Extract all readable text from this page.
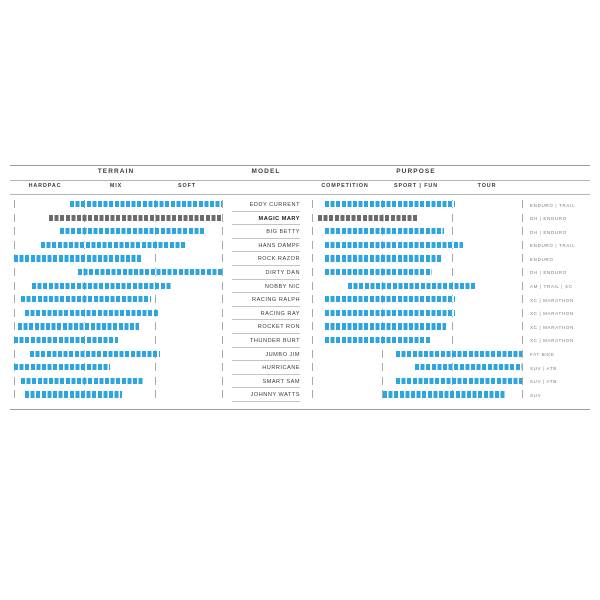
TERRAIN	MODEL	PURPOSE
HARDPAC	MIX	SOFT	COMPETITION	SPORT | FUN	TOUR
EDDY CURRENT	ENDURO | TRAIL
MAGIC MARY	DH | ENDURO
BIG BETTY	DH | ENDURO
HANS DAMPF	ENDURO | TRAIL
ROCK RAZOR	ENDURO
DIRTY DAN	DH | ENDURO
NOBBY NIC	AM | TRAIL | XC
RACING RALPH	XC | MARATHON
RACING RAY	XC | MARATHON
ROCKET RON	XC | MARATHON
THUNDER BURT	XC | MARATHON
JUMBO JIM	FAT BIKE
HURRICANE	SUV | ATB
SMART SAM	SUV | ATB
JOHNNY WATTS	SUV
